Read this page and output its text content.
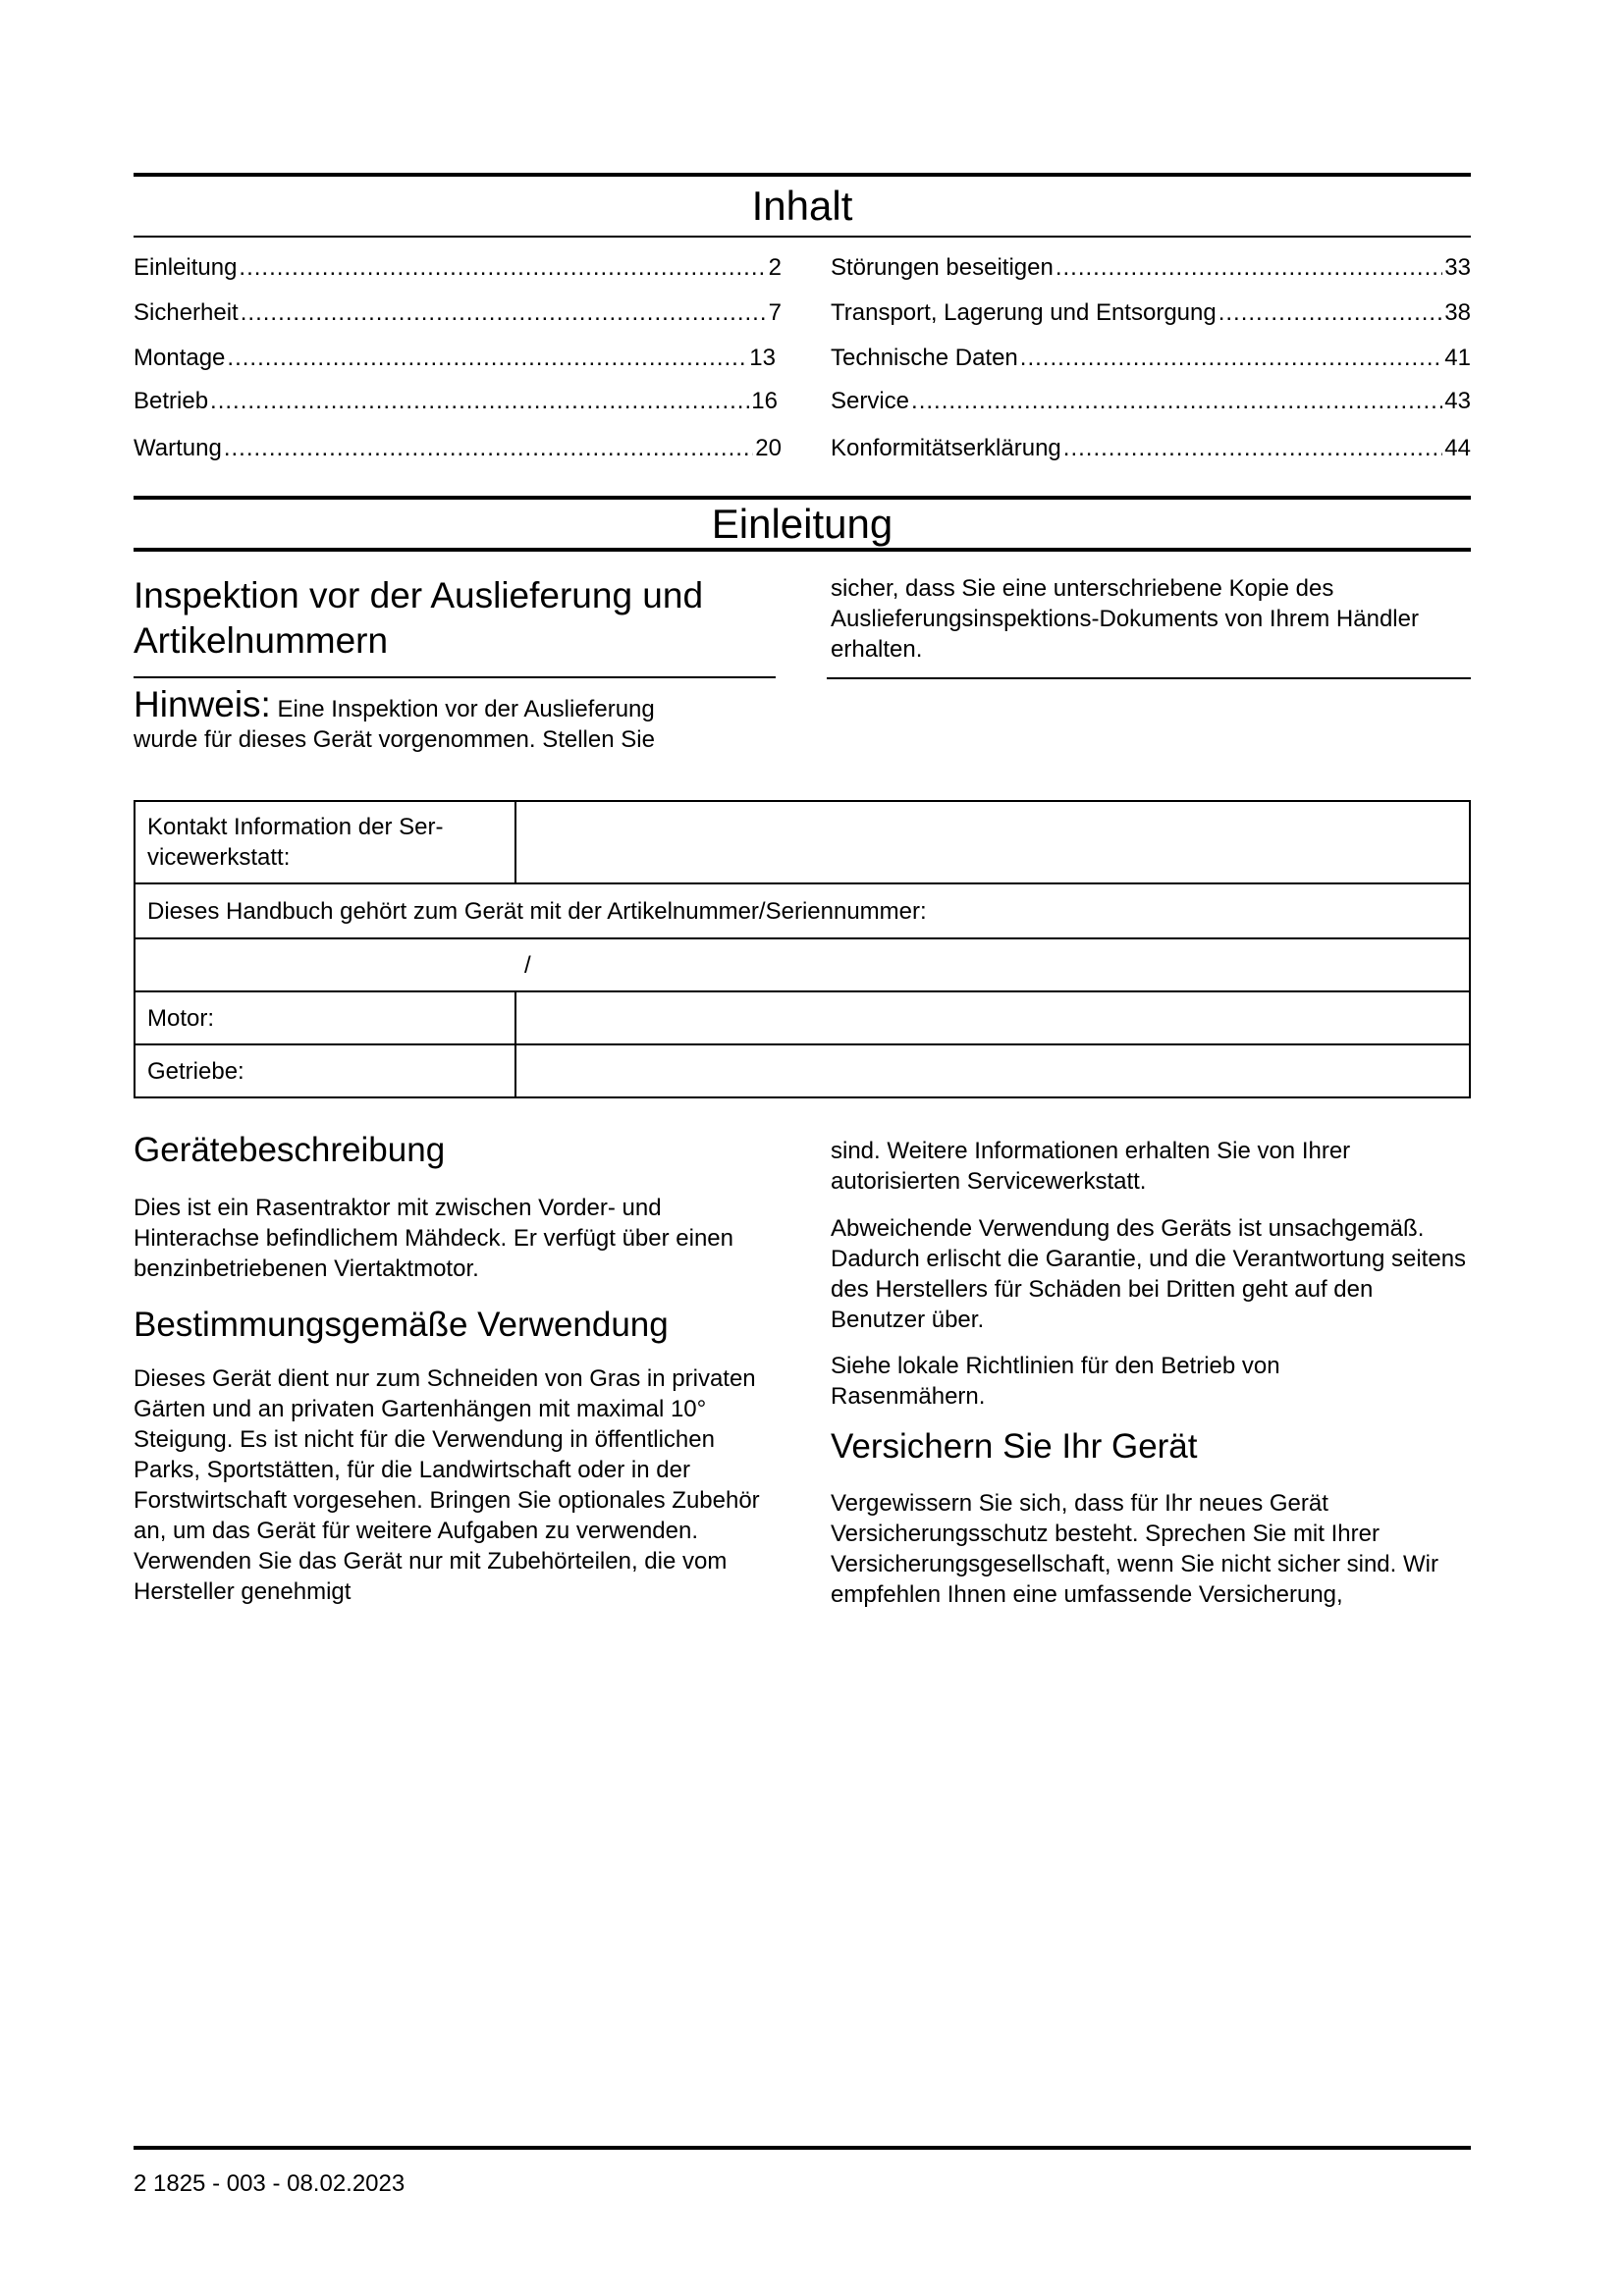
Inhalt
Einleitung .....	2
Sicherheit .....	7
Montage .....	13
Betrieb .....	16
Wartung .....	20
Störungen beseitigen .....	33
Transport, Lagerung und Entsorgung .....	38
Technische Daten .....	41
Service .....	43
Konformitätserklärung .....	44
Einleitung
Inspektion vor der Auslieferung und Artikelnummern

Hinweis: Eine Inspektion vor der Auslieferung wurde für dieses Gerät vorgenommen. Stellen Sie

sicher, dass Sie eine unterschriebene Kopie des Auslieferungsinspektions-Dokuments von Ihrem Händler erhalten.

Kontakt Information der Ser-vicewerkstatt:	
Dieses Handbuch gehört zum Gerät mit der Artikelnummer/Seriennummer:	
/	
Motor:	
Getriebe:	
Gerätebeschreibung

Dies ist ein Rasentraktor mit zwischen Vorder- und Hinterachse befindlichem Mähdeck. Er verfügt über einen benzinbetriebenen Viertaktmotor.

Bestimmungsgemäße Verwendung

Dieses Gerät dient nur zum Schneiden von Gras in privaten Gärten und an privaten Gartenhängen mit maximal 10° Steigung. Es ist nicht für die Verwendung in öffentlichen Parks, Sportstätten, für die Landwirtschaft oder in der Forstwirtschaft vorgesehen. Bringen Sie optionales Zubehör an, um das Gerät für weitere Aufgaben zu verwenden. Verwenden Sie das Gerät nur mit Zubehörteilen, die vom Hersteller genehmigt

sind. Weitere Informationen erhalten Sie von Ihrer autorisierten Servicewerkstatt.

Abweichende Verwendung des Geräts ist unsachgemäß. Dadurch erlischt die Garantie, und die Verantwortung seitens des Herstellers für Schäden bei Dritten geht auf den Benutzer über.

Siehe lokale Richtlinien für den Betrieb von Rasenmähern.

Versichern Sie Ihr Gerät

Vergewissern Sie sich, dass für Ihr neues Gerät Versicherungsschutz besteht. Sprechen Sie mit Ihrer Versicherungsgesellschaft, wenn Sie nicht sicher sind. Wir empfehlen Ihnen eine umfassende Versicherung,

2 1825 - 003 - 08.02.2023
